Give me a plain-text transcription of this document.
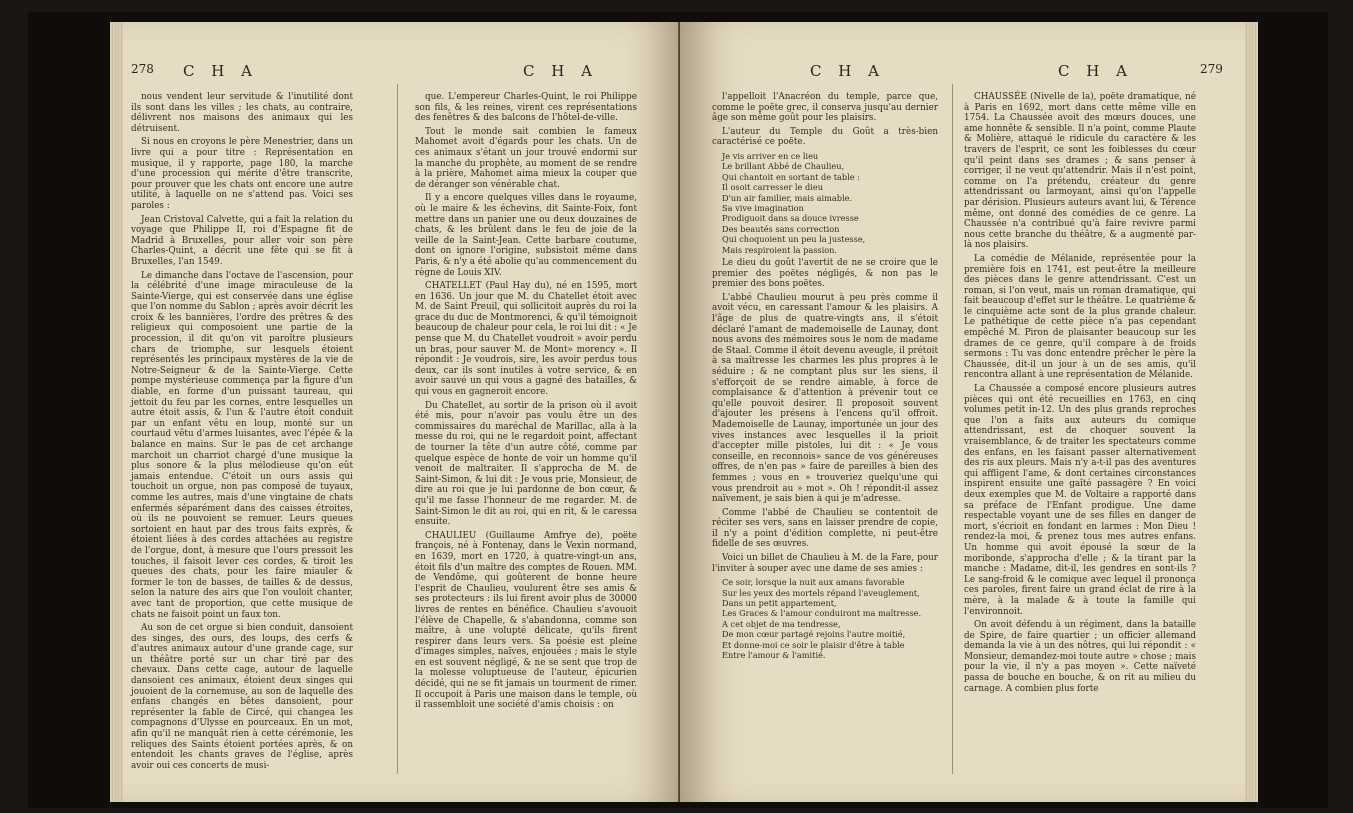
278 C H A	C H A

nous vendent leur servitude & l'inutilité dont ils sont dans les villes ; les chats, au contraire, délivrent nos maisons des animaux qui les détruisent.

Si nous en croyons le père Menestrier, dans un livre qui a pour titre : Représentation en musique, il y rapporte, page 180, la marche d'une procession qui mérite d'être transcrite, pour prouver que les chats ont encore une autre utilité, à laquelle on ne s'attend pas. Voici ses paroles :

Jean Cristoval Calvette, qui a fait la relation du voyage que Philippe II, roi d'Espagne fit de Madrid à Bruxelles, pour aller voir son père Charles-Quint, a décrit une fête qui se fit à Bruxelles, l'an 1549.

Le dimanche dans l'octave de l'ascension, pour la célébrité d'une image miraculeuse de la Sainte-Vierge, qui est conservée dans une église que l'on nomme du Sablon ; après avoir décrit les croix & les bannières, l'ordre des prêtres & des religieux qui composoient une partie de la procession, il dit qu'on vit paroître plusieurs chars de triomphe, sur lesquels étoient représentés les principaux mystères de la vie de Notre-Seigneur & de la Sainte-Vierge. Cette pompe mystérieuse commença par la figure d'un diable, en forme d'un puissant taureau, qui jettoit du feu par les cornes, entre lesquelles un autre étoit assis, & l'un & l'autre étoit conduit par un enfant vêtu en loup, monté sur un courtaud vêtu d'armes luisantes, avec l'épée & la balance en mains. Sur le pas de cet archange marchoit un charriot chargé d'une musique la plus sonore & la plus mélodieuse qu'on eût jamais entendue. C'étoit un ours assis qui touchoit un orgue, non pas composé de tuyaux, comme les autres, mais d'une vingtaine de chats enfermés séparément dans des caisses étroites, où ils ne pouvoient se remuer. Leurs queues sortoient en haut par des trous faits exprès, & étoient liées à des cordes attachées au registre de l'orgue, dont, à mesure que l'ours pressoit les touches, il faisoit lever ces cordes, & tiroit les queues des chats, pour les faire miauler & former le ton de basses, de tailles & de dessus, selon la nature des airs que l'on vouloit chanter, avec tant de proportion, que cette musique de chats ne faisoit point un faux ton.

Au son de cet orgue si bien conduit, dansoient des singes, des ours, des loups, des cerfs & d'autres animaux autour d'une grande cage, sur un théâtre porté sur un char tiré par des chevaux. Dans cette cage, autour de laquelle dansoient ces animaux, étoient deux singes qui jouoient de la cornemuse, au son de laquelle des enfans changés en bêtes dansoient, pour représenter la fable de Circé, qui changea les compagnons d'Ulysse en pourceaux. En un mot, afin qu'il ne manquât rien à cette cérémonie, les reliques des Saints étoient portées après, & on entendoit les chants graves de l'église, après avoir oui ces concerts de musi-

que. L'empereur Charles-Quint, le roi Philippe son fils, & les reines, virent ces représentations des fenêtres & des balcons de l'hôtel-de-ville.

Tout le monde sait combien le fameux Mahomet avoit d'égards pour les chats. Un de ces animaux s'étant un jour trouvé endormi sur la manche du prophète, au moment de se rendre à la prière, Mahomet aima mieux la couper que de déranger son vénérable chat.

Il y a encore quelques villes dans le royaume, où le maire & les échevins, dit Sainte-Foix, font mettre dans un panier une ou deux douzaines de chats, & les brûlent dans le feu de joie de la veille de la Saint-Jean. Cette barbare coutume, dont on ignore l'origine, subsistoit même dans Paris, & n'y a été abolie qu'au commencement du règne de Louis XIV.

CHATELLET (Paul Hay du), né en 1595, mort en 1636. Un jour que M. du Chatellet étoit avec M. de Saint Preuil, qui sollicitoit auprès du roi la grace du duc de Montmorenci, & qu'il témoignoit beaucoup de chaleur pour cela, le roi lui dit : « Je pense que M. du Chatellet voudroit » avoir perdu un bras, pour sauver M. de Mont» morency ». Il répondit : Je voudrois, sire, les avoir perdus tous deux, car ils sont inutiles à votre service, & en avoir sauvé un qui vous a gagné des batailles, & qui vous en gagneroit encore.

Du Chatellet, au sortir de la prison où il avoit été mis, pour n'avoir pas voulu être un des commissaires du maréchal de Marillac, alla à la messe du roi, qui ne le regardoit point, affectant de tourner la tête d'un autre côté, comme par quelque espèce de honte de voir un homme qu'il venoit de maltraiter. Il s'approcha de M. de Saint-Simon, & lui dit : Je vous prie, Monsieur, de dire au roi que je lui pardonne de bon cœur, & qu'il me fasse l'honneur de me regarder. M. de Saint-Simon le dit au roi, qui en rit, & le caressa ensuite.

CHAULIEU (Guillaume Amfrye de), poëte françois, né à Fontenay, dans le Vexin normand, en 1639, mort en 1720, à quatre-vingt-un ans, étoit fils d'un maître des comptes de Rouen. MM. de Vendôme, qui goûterent de bonne heure l'esprit de Chaulieu, voulurent être ses amis & ses protecteurs : ils lui firent avoir plus de 30000 livres de rentes en bénéfice. Chaulieu s'avouoit l'élève de Chapelle, & s'abandonna, comme son maître, à une volupté délicate, qu'ils firent respirer dans leurs vers. Sa poésie est pleine d'images simples, naïves, enjouées ; mais le style en est souvent négligé, & ne se sent que trop de la molesse voluptueuse de l'auteur, épicurien décidé, qui ne se fit jamais un tourment de rimer. Il occupoit à Paris une maison dans le temple, où il rassembloit une société d'amis choisis : on

C H A	C H A	279

l'appelloit l'Anacréon du temple, parce que, comme le poëte grec, il conserva jusqu'au dernier âge son même goût pour les plaisirs.

L'auteur du Temple du Goût a très-bien caractérisé ce poëte.

Je vis arriver en ce lieu
Le brillant Abbé de Chaulieu,
Qui chantoit en sortant de table :
Il osoit carresser le dieu
D'un air familier, mais aimable.
Sa vive imagination
Prodiguoit dans sa douce ivresse
Des beautés sans correction
Qui choquoient un peu la justesse,
Mais respiroient la passion.

Le dieu du goût l'avertit de ne se croire que le premier des poëtes négligés, & non pas le premier des bons poëtes.

L'abbé Chaulieu mourut à peu près comme il avoit vécu, en caressant l'amour & les plaisirs. A l'âge de plus de quatre-vingts ans, il s'étoit déclaré l'amant de mademoiselle de Launay, dont nous avons des mémoires sous le nom de madame de Staal. Comme il étoit devenu aveugle, il prétoit à sa maîtresse les charmes les plus propres à le séduire ; & ne comptant plus sur les siens, il s'efforçoit de se rendre aimable, à force de complaisance & d'attention à prévenir tout ce qu'elle pouvoit desirer. Il proposoit souvent d'ajouter les présens à l'encens qu'il offroit. Mademoiselle de Launay, importunée un jour des vives instances avec lesquelles il la prioit d'accepter mille pistoles, lui dit : « Je vous conseille, en reconnois» sance de vos généreuses offres, de n'en pas » faire de pareilles à bien des femmes ; vous en » trouveriez quelqu'une qui vous prendroit au » mot ». Oh ! répondit-il assez naïvement, je sais bien à qui je m'adresse.

Comme l'abbé de Chaulieu se contentoit de réciter ses vers, sans en laisser prendre de copie, il n'y a point d'édition complette, ni peut-être fidelle de ses œuvres.

Voici un billet de Chaulieu à M. de la Fare, pour l'inviter à souper avec une dame de ses amies :

Ce soir, lorsque la nuit aux amans favorable
Sur les yeux des mortels répand l'aveuglement,
Dans un petit appartement,
Les Graces & l'amour conduiront ma maîtresse.
A cet objet de ma tendresse,
De mon cœur partagé rejoins l'autre moitié,
Et donne-moi ce soir le plaisir d'être à table
Entre l'amour & l'amitié.

CHAUSSÉE (Nivelle de la), poëte dramatique, né à Paris en 1692, mort dans cette même ville en 1754. La Chaussée avoit des mœurs douces, une ame honnête & sensible. Il n'a point, comme Plaute & Molière, attaqué le ridicule du caractère & les travers de l'esprit, ce sont les foiblesses du cœur qu'il peint dans ses drames ; & sans penser à corriger, il ne veut qu'attendrir. Mais il n'est point, comme on l'a prétendu, créateur du genre attendrissant ou larmoyant, ainsi qu'on l'appelle par dérision. Plusieurs auteurs avant lui, & Térence même, ont donné des comédies de ce genre. La Chaussée n'a contribué qu'à faire revivre parmi nous cette branche du théâtre, & a augmenté par-là nos plaisirs.

La comédie de Mélanide, représentée pour la première fois en 1741, est peut-être la meilleure des pièces dans le genre attendrissant. C'est un roman, si l'on veut, mais un roman dramatique, qui fait beaucoup d'effet sur le théâtre. Le quatrième & le cinquième acte sont de la plus grande chaleur. Le pathétique de cette pièce n'a pas cependant empêché M. Piron de plaisanter beaucoup sur les drames de ce genre, qu'il compare à de froids sermons : Tu vas donc entendre prêcher le père la Chaussée, dit-il un jour à un de ses amis, qu'il rencontra allant à une représentation de Mélanide.

La Chaussée a composé encore plusieurs autres pièces qui ont été recueillies en 1763, en cinq volumes petit in-12. Un des plus grands reproches que l'on a faits aux auteurs du comique attendrissant, est de choquer souvent la vraisemblance, & de traiter les spectateurs comme des enfans, en les faisant passer alternativement des ris aux pleurs. Mais n'y a-t-il pas des aventures qui affligent l'ame, & dont certaines circonstances inspirent ensuite une gaîté passagère ? En voici deux exemples que M. de Voltaire a rapporté dans sa préface de l'Enfant prodigue. Une dame respectable voyant une de ses filles en danger de mort, s'écrioit en fondant en larmes : Mon Dieu ! rendez-la moi, & prenez tous mes autres enfans. Un homme qui avoit épousé la sœur de la moribonde, s'approcha d'elle ; & la tirant par la manche : Madame, dit-il, les gendres en sont-ils ? Le sang-froid & le comique avec lequel il prononça ces paroles, firent faire un grand éclat de rire à la mère, à la malade & à toute la famille qui l'environnoit.

On avoit défendu à un régiment, dans la bataille de Spire, de faire quartier ; un officier allemand demanda la vie à un des nôtres, qui lui répondit : « Monsieur, demandez-moi toute autre » chose ; mais pour la vie, il n'y a pas moyen ». Cette naïveté passa de bouche en bouche, & on rit au milieu du carnage. A combien plus forte
